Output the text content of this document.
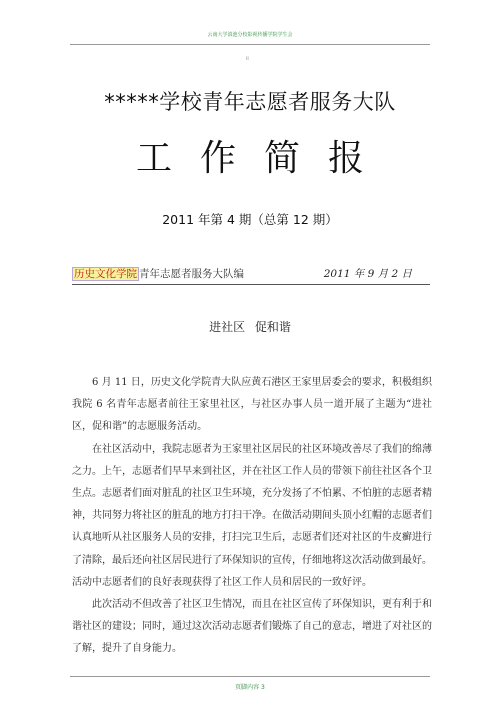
云南大学滇池分校影视传播学院学生会
ii
*****学校青年志愿者服务大队
工作简报
2011 年第 4 期（总第 12 期）
历史文化学院 青年志愿者服务大队编	2011 年 9 月 2 日
进社区 促和谐

6 月 11 日，历史文化学院青大队应黄石港区王家里居委会的要求，积极组织我院 6 名青年志愿者前往王家里社区，与社区办事人员一道开展了主题为“进社区，促和谐”的志愿服务活动。

在社区活动中，我院志愿者为王家里社区居民的社区环境改善尽了我们的绵薄之力。上午，志愿者们早早来到社区，并在社区工作人员的带领下前往社区各个卫生点。志愿者们面对脏乱的社区卫生环境，充分发扬了不怕累、不怕脏的志愿者精神，共同努力将社区的脏乱的地方打扫干净。在做活动期间头顶小红帽的志愿者们认真地听从社区服务人员的安排，打扫完卫生后，志愿者们还对社区的牛皮癣进行了清除，最后还向社区居民进行了环保知识的宣传，仔细地将这次活动做到最好。活动中志愿者们的良好表现获得了社区工作人员和居民的一致好评。

此次活动不但改善了社区卫生情况，而且在社区宣传了环保知识，更有利于和谐社区的建设；同时，通过这次活动志愿者们锻炼了自己的意志，增进了对社区的了解，提升了自身能力。

页脚内容 3
